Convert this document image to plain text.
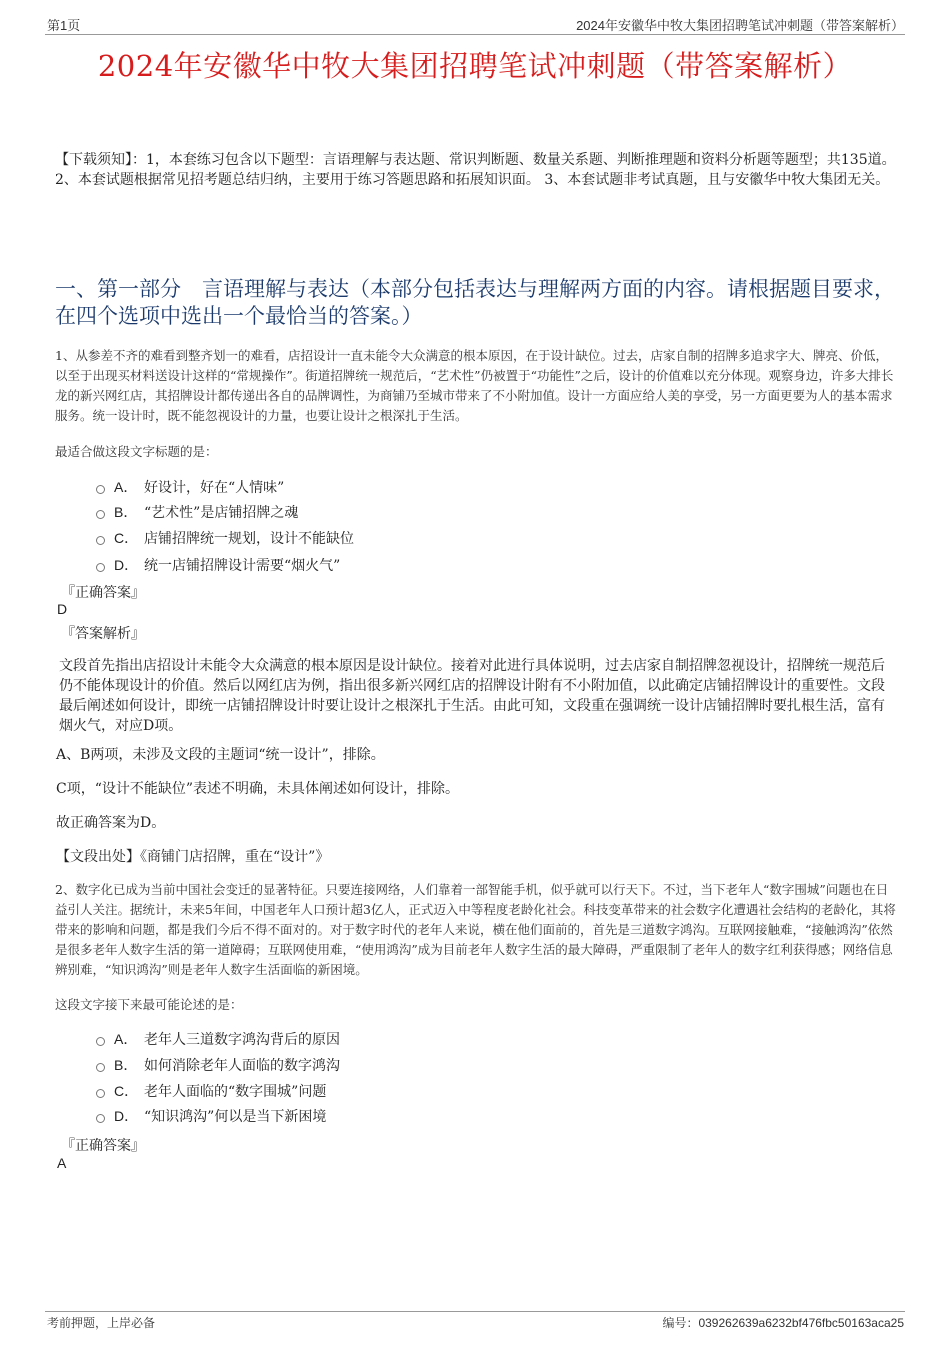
第1页	2024年安徽华中牧大集团招聘笔试冲刺题（带答案解析）
2024年安徽华中牧大集团招聘笔试冲刺题（带答案解析）
【下载须知】：1，本套练习包含以下题型：言语理解与表达题、常识判断题、数量关系题、判断推理题和资料分析题等题型；共135道。 2、本套试题根据常见招考题总结归纳，主要用于练习答题思路和拓展知识面。 3、本套试题非考试真题，且与安徽华中牧大集团无关。
一、第一部分　言语理解与表达（本部分包括表达与理解两方面的内容。请根据题目要求，在四个选项中选出一个最恰当的答案。）
1、从参差不齐的难看到整齐划一的难看，店招设计一直未能令大众满意的根本原因，在于设计缺位。过去，店家自制的招牌多追求字大、牌亮、价低，以至于出现买材料送设计这样的“常规操作”。街道招牌统一规范后，“艺术性”仍被置于“功能性”之后，设计的价值难以充分体现。观察身边，许多大排长龙的新兴网红店，其招牌设计都传递出各自的品牌调性，为商铺乃至城市带来了不小附加值。设计一方面应给人美的享受，另一方面更要为人的基本需求服务。统一设计时，既不能忽视设计的力量，也要让设计之根深扎于生活。
最适合做这段文字标题的是：
A． 好设计，好在“人情味”
B． “艺术性”是店铺招牌之魂
C． 店铺招牌统一规划，设计不能缺位
D． 统一店铺招牌设计需要“烟火气”
『正确答案』
D
『答案解析』
文段首先指出店招设计未能令大众满意的根本原因是设计缺位。接着对此进行具体说明，过去店家自制招牌忽视设计，招牌统一规范后仍不能体现设计的价值。然后以网红店为例，指出很多新兴网红店的招牌设计附有不小附加值，以此确定店铺招牌设计的重要性。文段最后阐述如何设计，即统一店铺招牌设计时要让设计之根深扎于生活。由此可知，文段重在强调统一设计店铺招牌时要扎根生活，富有烟火气，对应D项。
A、B两项，未涉及文段的主题词“统一设计”，排除。
C项，“设计不能缺位”表述不明确，未具体阐述如何设计，排除。
故正确答案为D。
【文段出处】《商铺门店招牌，重在“设计”》
2、数字化已成为当前中国社会变迁的显著特征。只要连接网络，人们靠着一部智能手机，似乎就可以行天下。不过，当下老年人“数字围城”问题也在日益引人关注。据统计，未来5年间，中国老年人口预计超3亿人，正式迈入中等程度老龄化社会。科技变革带来的社会数字化遭遇社会结构的老龄化，其将带来的影响和问题，都是我们今后不得不面对的。对于数字时代的老年人来说，横在他们面前的，首先是三道数字鸿沟。互联网接触难，“接触鸿沟”依然是很多老年人数字生活的第一道障碍；互联网使用难，“使用鸿沟”成为目前老年人数字生活的最大障碍，严重限制了老年人的数字红利获得感；网络信息辨别难，“知识鸿沟”则是老年人数字生活面临的新困境。
这段文字接下来最可能论述的是：
A． 老年人三道数字鸿沟背后的原因
B． 如何消除老年人面临的数字鸿沟
C． 老年人面临的“数字围城”问题
D． “知识鸿沟”何以是当下新困境
『正确答案』
A
考前押题，上岸必备	编号：039262639a6232bf476fbc50163aca25
